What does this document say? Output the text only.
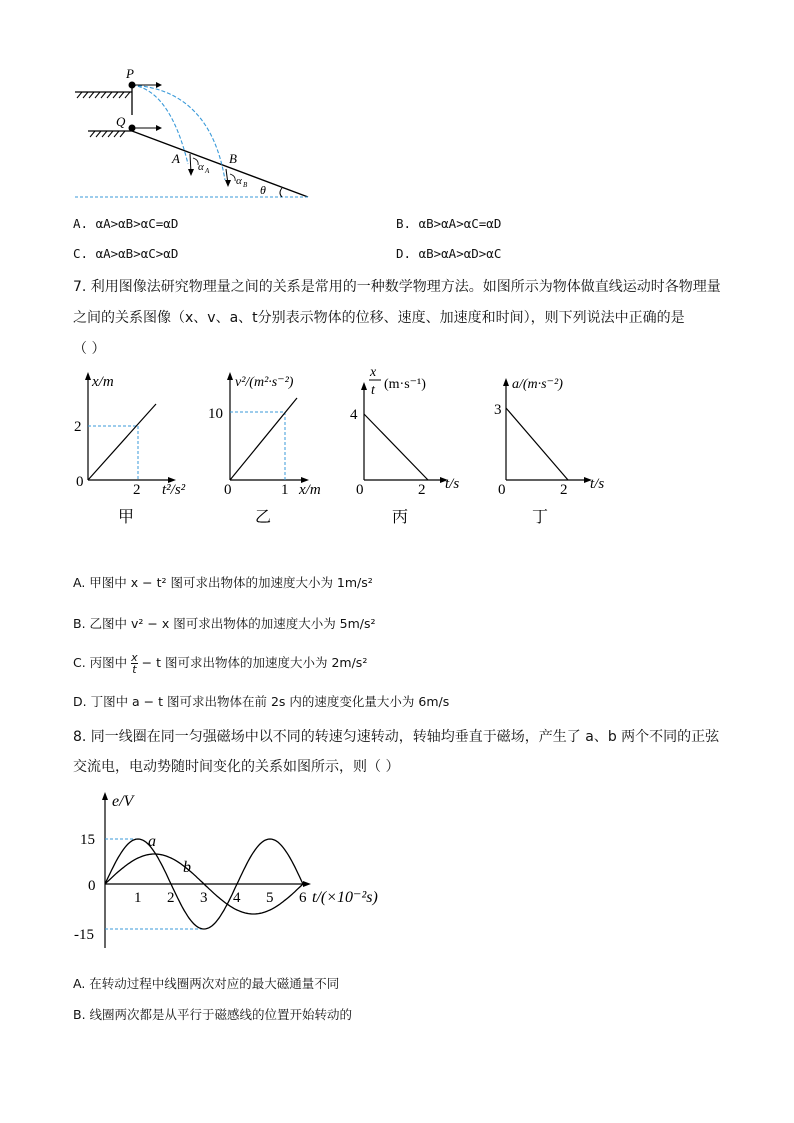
P
Q
A	B
α A
α B θ
A. αA>αB>αC=αD	B. αB>αA>αC=αD
C. αA>αB>αC>αD	D. αB>αA>αD>αC
7. 利用图像法研究物理量之间的关系是常用的一种数学物理方法。如图所示为物体做直线运动时各物理量
之间的关系图像（x、v、a、t分别表示物体的位移、速度、加速度和时间），则下列说法中正确的是
（ ）
x/m
2
0	2 t²/s²
甲
v²/(m²·s⁻²)
10
0	1 x/m
乙
x
t (m·s⁻¹)
4
0	2 t/s
丙
a/(m·s⁻²)
3
0	2 t/s
丁
A. 甲图中 x − t² 图可求出物体的加速度大小为 1m/s²
B. 乙图中 v² − x 图可求出物体的加速度大小为 5m/s²
C. 丙图中 $\frac{x}{t} - t$ 图可求出物体的加速度大小为 2m/s²
D. 丁图中 a − t 图可求出物体在前 2s 内的速度变化量大小为 6m/s
8. 同一线圈在同一匀强磁场中以不同的转速匀速转动，转轴均垂直于磁场，产生了 a、b 两个不同的正弦
交流电，电动势随时间变化的关系如图所示，则（ ）
e/V
15
0
-15
t/(×10⁻²s)
1 2 3 4 5 6
a
b
A. 在转动过程中线圈两次对应的最大磁通量不同
B. 线圈两次都是从平行于磁感线的位置开始转动的
